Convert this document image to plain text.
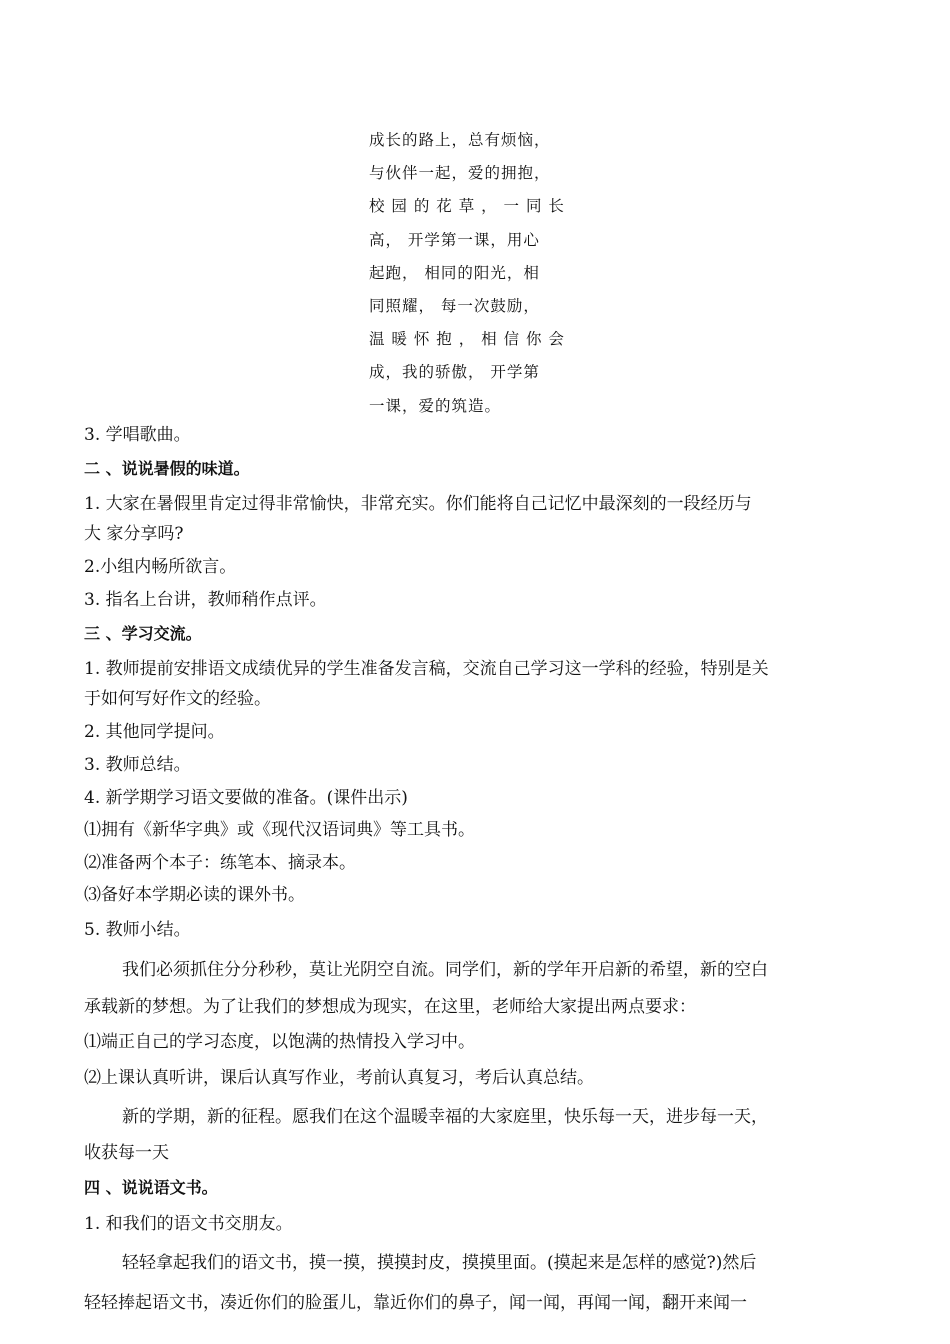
成长的路上，总有烦恼，
与伙伴一起，爱的拥抱，
校 园 的 花 草 ， 一 同 长
高， 开学第一课，用心
起跑， 相同的阳光，相
同照耀， 每一次鼓励，
温 暖 怀 抱 ， 相 信 你 会
成，我的骄傲， 开学第
一课，爱的筑造。
3. 学唱歌曲。
二 、说说暑假的味道。
1. 大家在暑假里肯定过得非常愉快，非常充实。你们能将自己记忆中最深刻的一段经历与
大 家分享吗?
2.小组内畅所欲言。
3. 指名上台讲，教师稍作点评。
三 、学习交流。
1. 教师提前安排语文成绩优异的学生准备发言稿，交流自己学习这一学科的经验，特别是关
于如何写好作文的经验。
2. 其他同学提问。
3. 教师总结。
4. 新学期学习语文要做的准备。(课件出示)
⑴拥有《新华字典》或《现代汉语词典》等工具书。
⑵准备两个本子：练笔本、摘录本。
⑶备好本学期必读的课外书。
5. 教师小结。
我们必须抓住分分秒秒，莫让光阴空自流。同学们，新的学年开启新的希望，新的空白
承载新的梦想。为了让我们的梦想成为现实，在这里，老师给大家提出两点要求：
⑴端正自己的学习态度，以饱满的热情投入学习中。
⑵上课认真听讲，课后认真写作业，考前认真复习，考后认真总结。
新的学期，新的征程。愿我们在这个温暖幸福的大家庭里，快乐每一天，进步每一天，
收获每一天
四 、说说语文书。
1. 和我们的语文书交朋友。
轻轻拿起我们的语文书，摸一摸，摸摸封皮，摸摸里面。(摸起来是怎样的感觉?)然后
轻轻捧起语文书，凑近你们的脸蛋儿，靠近你们的鼻子，闻一闻，再闻一闻，翻开来闻一
